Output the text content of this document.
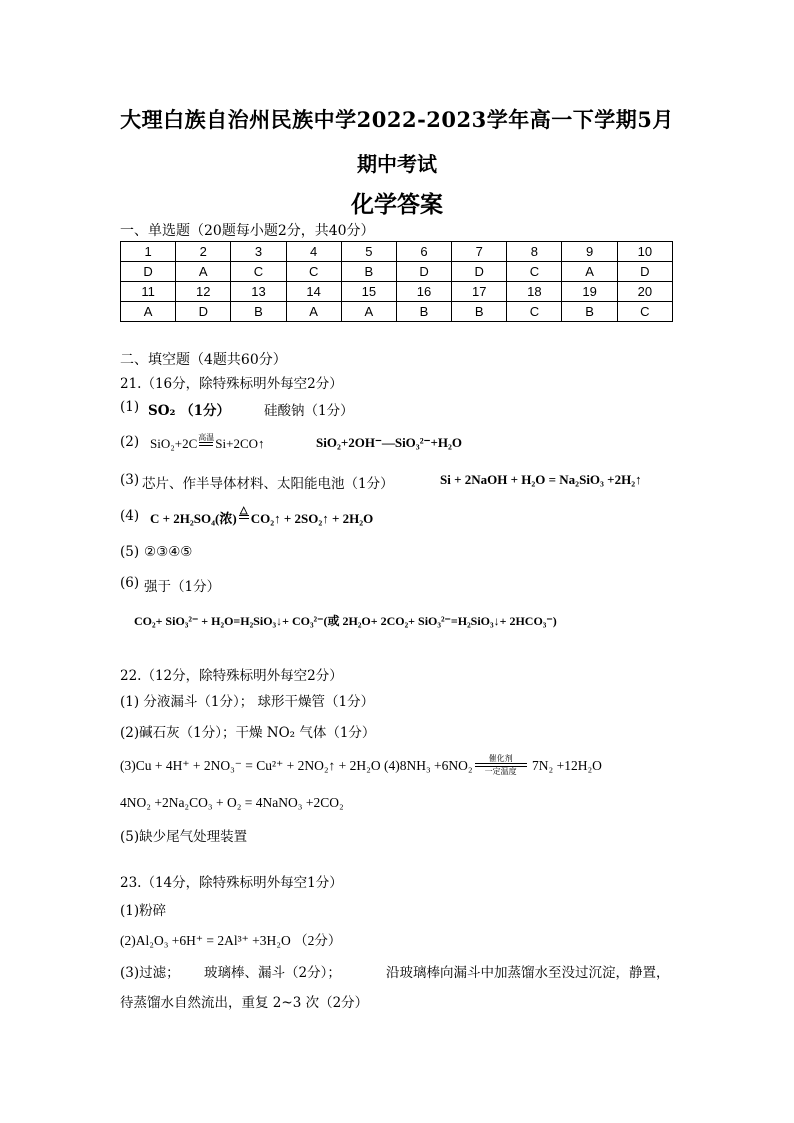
大理白族自治州民族中学2022-2023学年高一下学期5月
期中考试
化学答案
一、单选题（20题每小题2分，共40分）
1	2	3	4	5	6	7	8	9	10
D	A	C	C	B	D	D	C	A	D
11	12	13	14	15	16	17	18	19	20
A	D	B	A	A	B	B	C	B	C
二、填空题（4题共60分）
21.（16分，除特殊标明外每空2分）
(1) SO₂ （1分）	硅酸钠（1分）
(2) SiO₂+2C 高温 Si+2CO↑	SiO₂+2OH⁻—SiO₃²⁻+H₂O
(3) 芯片、作半导体材料、太阳能电池（1分）	Si + 2NaOH + H₂O = Na₂SiO₃ +2H₂↑
(4) C + 2H₂SO₄(浓)
△
CO₂↑ + 2SO₂↑ + 2H₂O
(5) ②③④⑤
(6) 强于（1分）
CO₂+ SiO₃²⁻ + H₂O=H₂SiO₃↓+ CO₃²⁻(或 2H₂O+ 2CO₂+ SiO₃²⁻=H₂SiO₃↓+ 2HCO₃⁻)
22.（12分，除特殊标明外每空2分）
(1) 分液漏斗（1分）； 球形干燥管（1分）
(2)碱石灰（1分）；干燥 NO₂ 气体（1分）
(3)Cu + 4H⁺ + 2NO₃⁻ = Cu²⁺ + 2NO₂↑ + 2H₂O (4)8NH₃ +6NO₂	催化剂
一定温度	7N₂ +12H₂O
4NO₂ +2Na₂CO₃ + O₂ = 4NaNO₃ +2CO₂
(5)缺少尾气处理装置
23.（14分，除特殊标明外每空1分）
(1)粉碎
(2)Al₂O₃ +6H⁺ = 2Al³⁺ +3H₂O （2分）
(3)过滤； 玻璃棒、漏斗（2分）；	沿玻璃棒向漏斗中加蒸馏水至没过沉淀，静置，
待蒸馏水自然流出，重复 2~3 次（2分）
